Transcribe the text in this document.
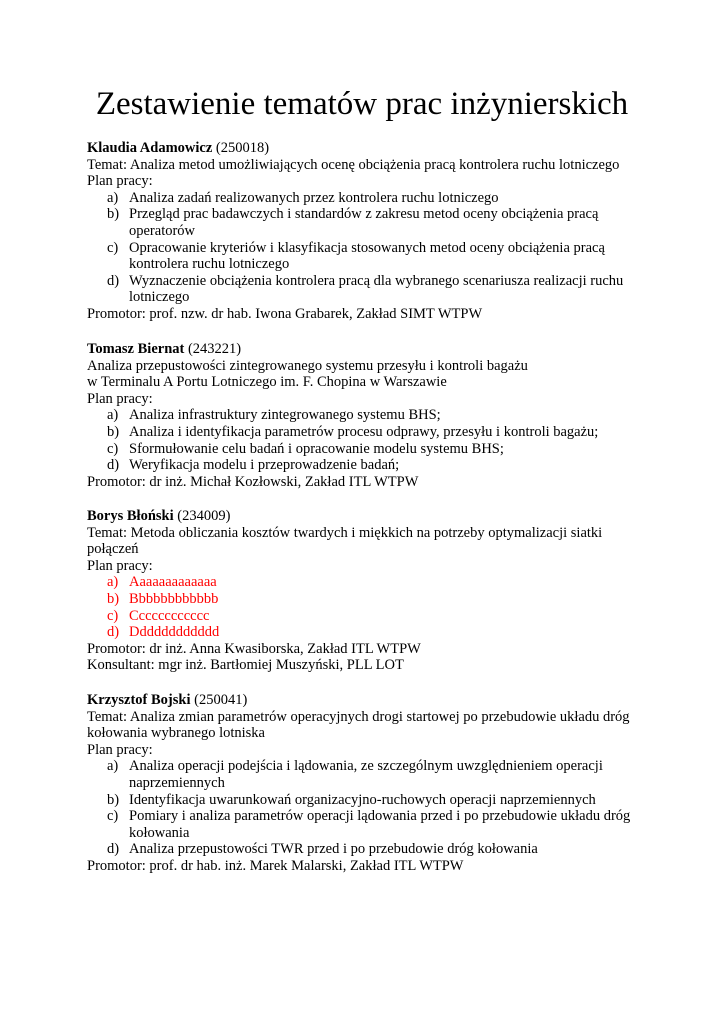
Zestawienie tematów prac inżynierskich
Klaudia Adamowicz (250018)
Temat: Analiza metod umożliwiających ocenę obciążenia pracą kontrolera ruchu lotniczego
Plan pracy:
a) Analiza zadań realizowanych przez kontrolera ruchu lotniczego
b) Przegląd prac badawczych i standardów z zakresu metod oceny obciążenia pracą
operatorów
c) Opracowanie kryteriów i klasyfikacja stosowanych metod oceny obciążenia pracą
kontrolera ruchu lotniczego
d) Wyznaczenie obciążenia kontrolera pracą dla wybranego scenariusza realizacji ruchu
lotniczego
Promotor: prof. nzw. dr hab. Iwona Grabarek, Zakład SIMT WTPW
Tomasz Biernat (243221)
Analiza przepustowości zintegrowanego systemu przesyłu i kontroli bagażu
w Terminalu A Portu Lotniczego im. F. Chopina w Warszawie
Plan pracy:
a) Analiza infrastruktury zintegrowanego systemu BHS;
b) Analiza i identyfikacja parametrów procesu odprawy, przesyłu i kontroli bagażu;
c) Sformułowanie celu badań i opracowanie modelu systemu BHS;
d) Weryfikacja modelu i przeprowadzenie badań;
Promotor: dr inż. Michał Kozłowski, Zakład ITL WTPW
Borys Błoński (234009)
Temat: Metoda obliczania kosztów twardych i miękkich na potrzeby optymalizacji siatki
połączeń
Plan pracy:
a) Aaaaaaaaaaaaa
b) Bbbbbbbbbbbb
c) Cccccccccccc
d) Dddddddddddd
Promotor: dr inż. Anna Kwasiborska, Zakład ITL WTPW
Konsultant: mgr inż. Bartłomiej Muszyński, PLL LOT
Krzysztof Bojski (250041)
Temat: Analiza zmian parametrów operacyjnych drogi startowej po przebudowie układu dróg
kołowania wybranego lotniska
Plan pracy:
a) Analiza operacji podejścia i lądowania, ze szczególnym uwzględnieniem operacji
naprzemiennych
b) Identyfikacja uwarunkowań organizacyjno-ruchowych operacji naprzemiennych
c) Pomiary i analiza parametrów operacji lądowania przed i po przebudowie układu dróg
kołowania
d) Analiza przepustowości TWR przed i po przebudowie dróg kołowania
Promotor: prof. dr hab. inż. Marek Malarski, Zakład ITL WTPW
